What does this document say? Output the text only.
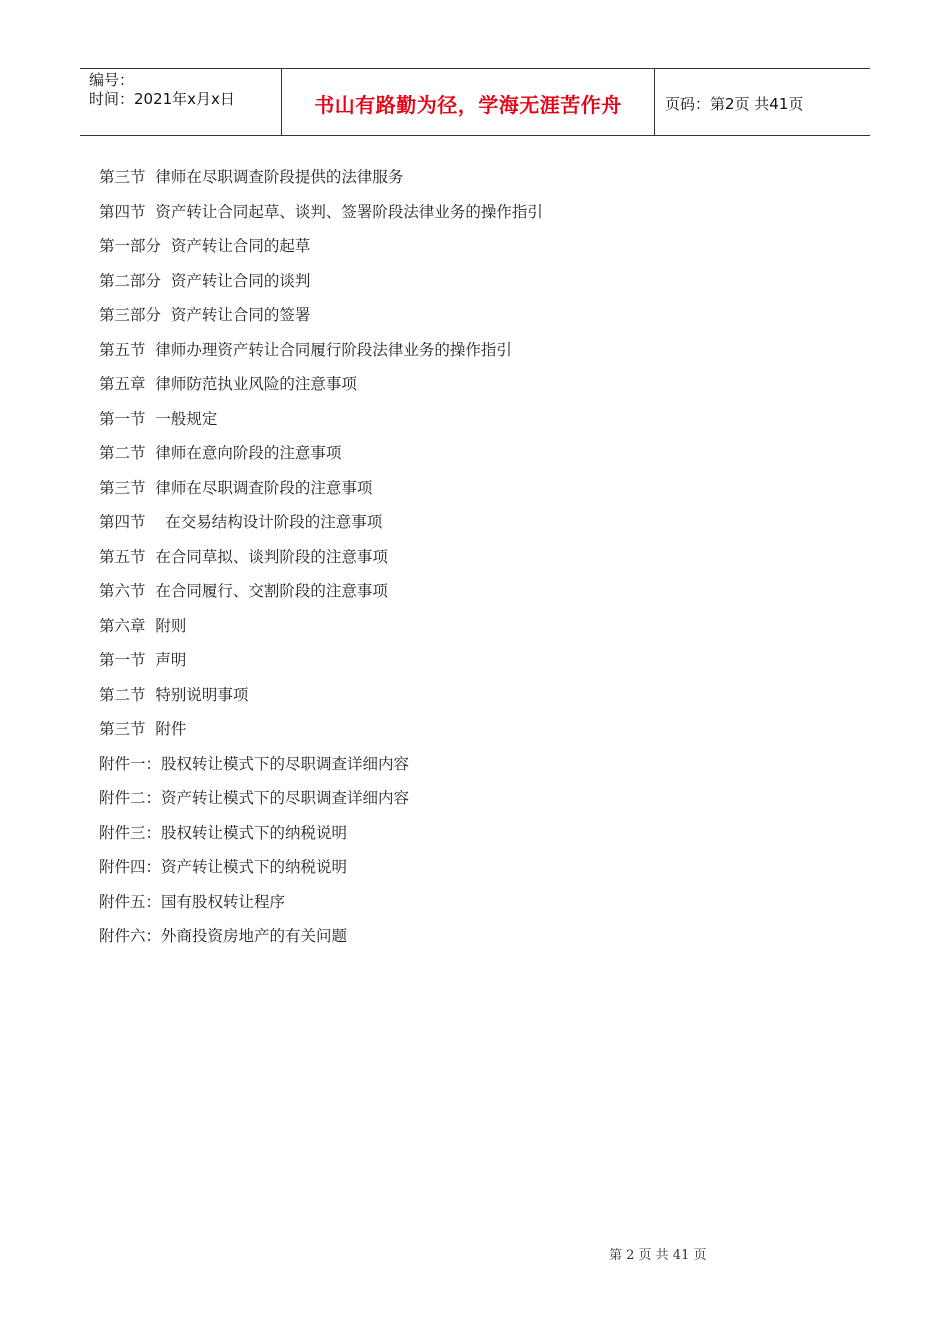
编号：
时间：2021年x月x日	书山有路勤为径，学海无涯苦作舟	页码：第2页 共41页
第三节  律师在尽职调查阶段提供的法律服务
第四节  资产转让合同起草、谈判、签署阶段法律业务的操作指引
第一部分  资产转让合同的起草
第二部分  资产转让合同的谈判
第三部分  资产转让合同的签署
第五节  律师办理资产转让合同履行阶段法律业务的操作指引
第五章  律师防范执业风险的注意事项
第一节  一般规定
第二节  律师在意向阶段的注意事项
第三节  律师在尽职调查阶段的注意事项
第四节    在交易结构设计阶段的注意事项
第五节  在合同草拟、谈判阶段的注意事项
第六节  在合同履行、交割阶段的注意事项
第六章  附则
第一节  声明
第二节  特别说明事项
第三节  附件
附件一：股权转让模式下的尽职调查详细内容
附件二：资产转让模式下的尽职调查详细内容
附件三：股权转让模式下的纳税说明
附件四：资产转让模式下的纳税说明
附件五：国有股权转让程序
附件六：外商投资房地产的有关问题
第 2 页 共 41 页
